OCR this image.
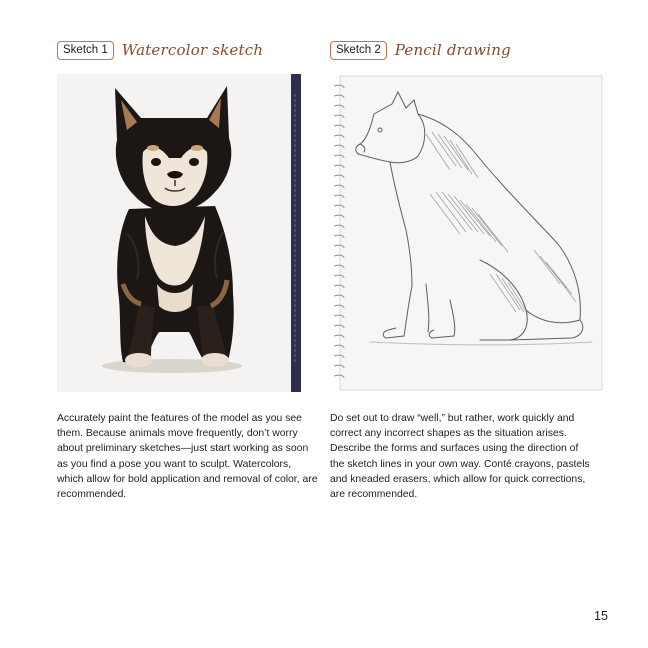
Sketch 1 Watercolor sketch

Accurately paint the features of the model as you see them. Because animals move frequently, don’t worry about preliminary sketches—just start working as soon as you find a pose you want to sculpt. Watercolors, which allow for bold application and removal of color, are recommended.

Sketch 2 Pencil drawing

Do set out to draw “well,” but rather, work quickly and correct any incorrect shapes as the situation arises. Describe the forms and surfaces using the direction of the sketch lines in your own way. Conté crayons, pastels and kneaded erasers, which allow for quick corrections, are recommended.

15
